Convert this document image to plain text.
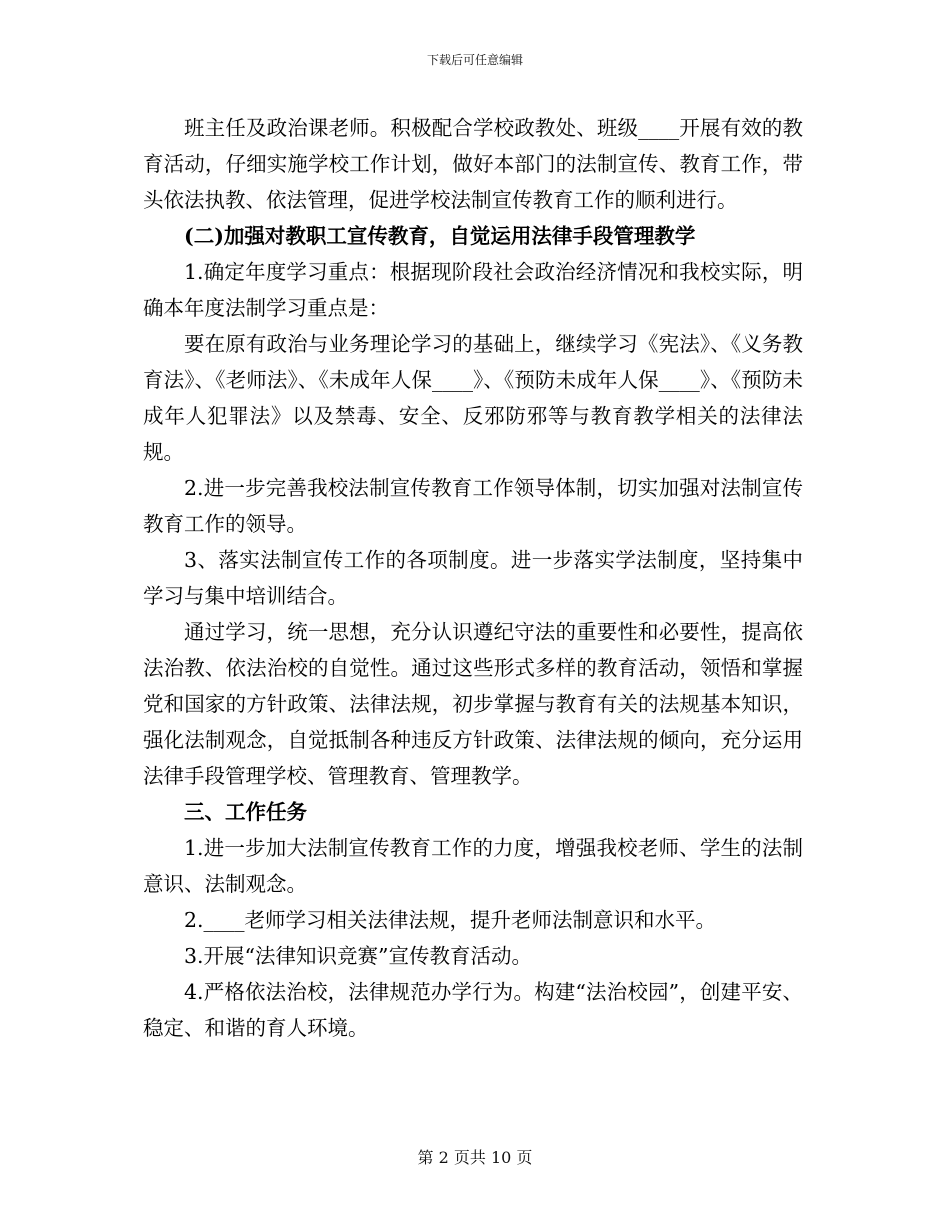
下载后可任意编辑

班主任及政治课老师。积极配合学校政教处、班级____开展有效的教育活动，仔细实施学校工作计划，做好本部门的法制宣传、教育工作，带头依法执教、依法管理，促进学校法制宣传教育工作的顺利进行。

(二)加强对教职工宣传教育，自觉运用法律手段管理教学

1.确定年度学习重点：根据现阶段社会政治经济情况和我校实际，明确本年度法制学习重点是：

要在原有政治与业务理论学习的基础上，继续学习《宪法》、《义务教育法》、《老师法》、《未成年人保____》、《预防未成年人保____》、《预防未成年人犯罪法》以及禁毒、安全、反邪防邪等与教育教学相关的法律法规。

2.进一步完善我校法制宣传教育工作领导体制，切实加强对法制宣传教育工作的领导。

3、落实法制宣传工作的各项制度。进一步落实学法制度，坚持集中学习与集中培训结合。

通过学习，统一思想，充分认识遵纪守法的重要性和必要性，提高依法治教、依法治校的自觉性。通过这些形式多样的教育活动，领悟和掌握党和国家的方针政策、法律法规，初步掌握与教育有关的法规基本知识，强化法制观念，自觉抵制各种违反方针政策、法律法规的倾向，充分运用法律手段管理学校、管理教育、管理教学。

三、工作任务

1.进一步加大法制宣传教育工作的力度，增强我校老师、学生的法制意识、法制观念。

2.____老师学习相关法律法规，提升老师法制意识和水平。

3.开展“法律知识竞赛”宣传教育活动。

4.严格依法治校，法律规范办学行为。构建“法治校园”，创建平安、稳定、和谐的育人环境。

第 2 页共 10 页
